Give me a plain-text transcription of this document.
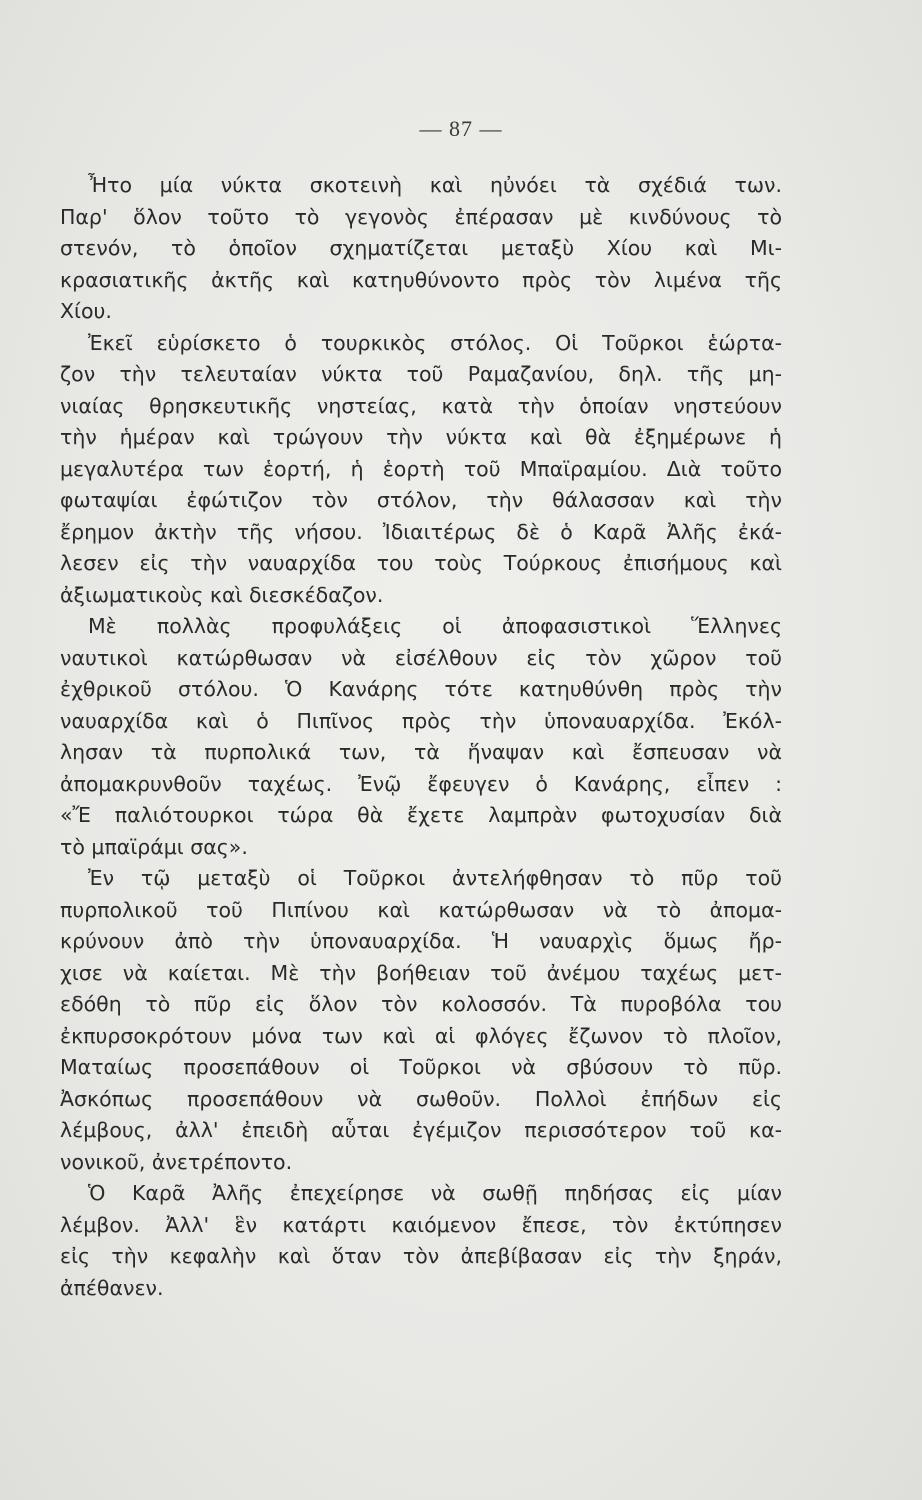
— 87 —
Ἦτο μία νύκτα σκοτεινὴ καὶ ηὐνόει τὰ σχέδιά των.
Παρ' ὅλον τοῦτο τὸ γεγονὸς ἐπέρασαν μὲ κινδύνους τὸ
στενόν, τὸ ὁποῖον σχηματίζεται μεταξὺ Χίου καὶ Μι-
κρασιατικῆς ἀκτῆς καὶ κατηυθύνοντο πρὸς τὸν λιμένα τῆς
Χίου.
Ἐκεῖ εὑρίσκετο ὁ τουρκικὸς στόλος. Οἱ Τοῦρκοι ἑώρτα-
ζον τὴν τελευταίαν νύκτα τοῦ Ραμαζανίου, δηλ. τῆς μη-
νιαίας θρησκευτικῆς νηστείας, κατὰ τὴν ὁποίαν νηστεύουν
τὴν ἡμέραν καὶ τρώγουν τὴν νύκτα καὶ θὰ ἐξημέρωνε ἡ
μεγαλυτέρα των ἑορτή, ἡ ἑορτὴ τοῦ Μπαϊραμίου. Διὰ τοῦτο
φωταψίαι ἐφώτιζον τὸν στόλον, τὴν θάλασσαν καὶ τὴν
ἔρημον ἀκτὴν τῆς νήσου. Ἰδιαιτέρως δὲ ὁ Καρᾶ Ἀλῆς ἐκά-
λεσεν εἰς τὴν ναυαρχίδα του τοὺς Τούρκους ἐπισήμους καὶ
ἀξιωματικοὺς καὶ διεσκέδαζον.
Μὲ πολλὰς προφυλάξεις οἱ ἀποφασιστικοὶ Ἕλληνες
ναυτικοὶ κατώρθωσαν νὰ εἰσέλθουν εἰς τὸν χῶρον τοῦ
ἐχθρικοῦ στόλου. Ὁ Κανάρης τότε κατηυθύνθη πρὸς τὴν
ναυαρχίδα καὶ ὁ Πιπῖνος πρὸς τὴν ὑποναυαρχίδα. Ἐκόλ-
λησαν τὰ πυρπολικά των, τὰ ἥναψαν καὶ ἔσπευσαν νὰ
ἀπομακρυνθοῦν ταχέως. Ἐνῷ ἔφευγεν ὁ Κανάρης, εἶπεν :
«Ἔ παλιότουρκοι τώρα θὰ ἔχετε λαμπρὰν φωτοχυσίαν διὰ
τὸ μπαϊράμι σας».
Ἐν τῷ μεταξὺ οἱ Τοῦρκοι ἀντελήφθησαν τὸ πῦρ τοῦ
πυρπολικοῦ τοῦ Πιπίνου καὶ κατώρθωσαν νὰ τὸ ἀπομα-
κρύνουν ἀπὸ τὴν ὑποναυαρχίδα. Ἡ ναυαρχὶς ὅμως ἤρ-
χισε νὰ καίεται. Μὲ τὴν βοήθειαν τοῦ ἀνέμου ταχέως μετ-
εδόθη τὸ πῦρ εἰς ὅλον τὸν κολοσσόν. Τὰ πυροβόλα του
ἐκπυρσοκρότουν μόνα των καὶ αἱ φλόγες ἔζωνον τὸ πλοῖον,
Ματαίως προσεπάθουν οἱ Τοῦρκοι νὰ σβύσουν τὸ πῦρ.
Ἀσκόπως προσεπάθουν νὰ σωθοῦν. Πολλοὶ ἐπήδων εἰς
λέμβους, ἀλλ' ἐπειδὴ αὗται ἐγέμιζον περισσότερον τοῦ κα-
νονικοῦ, ἀνετρέποντο.
Ὁ Καρᾶ Ἀλῆς ἐπεχείρησε νὰ σωθῇ πηδήσας εἰς μίαν
λέμβον. Ἀλλ' ἓν κατάρτι καιόμενον ἔπεσε, τὸν ἐκτύπησεν
εἰς τὴν κεφαλὴν καὶ ὅταν τὸν ἀπεβίβασαν εἰς τὴν ξηράν,
ἀπέθανεν.
